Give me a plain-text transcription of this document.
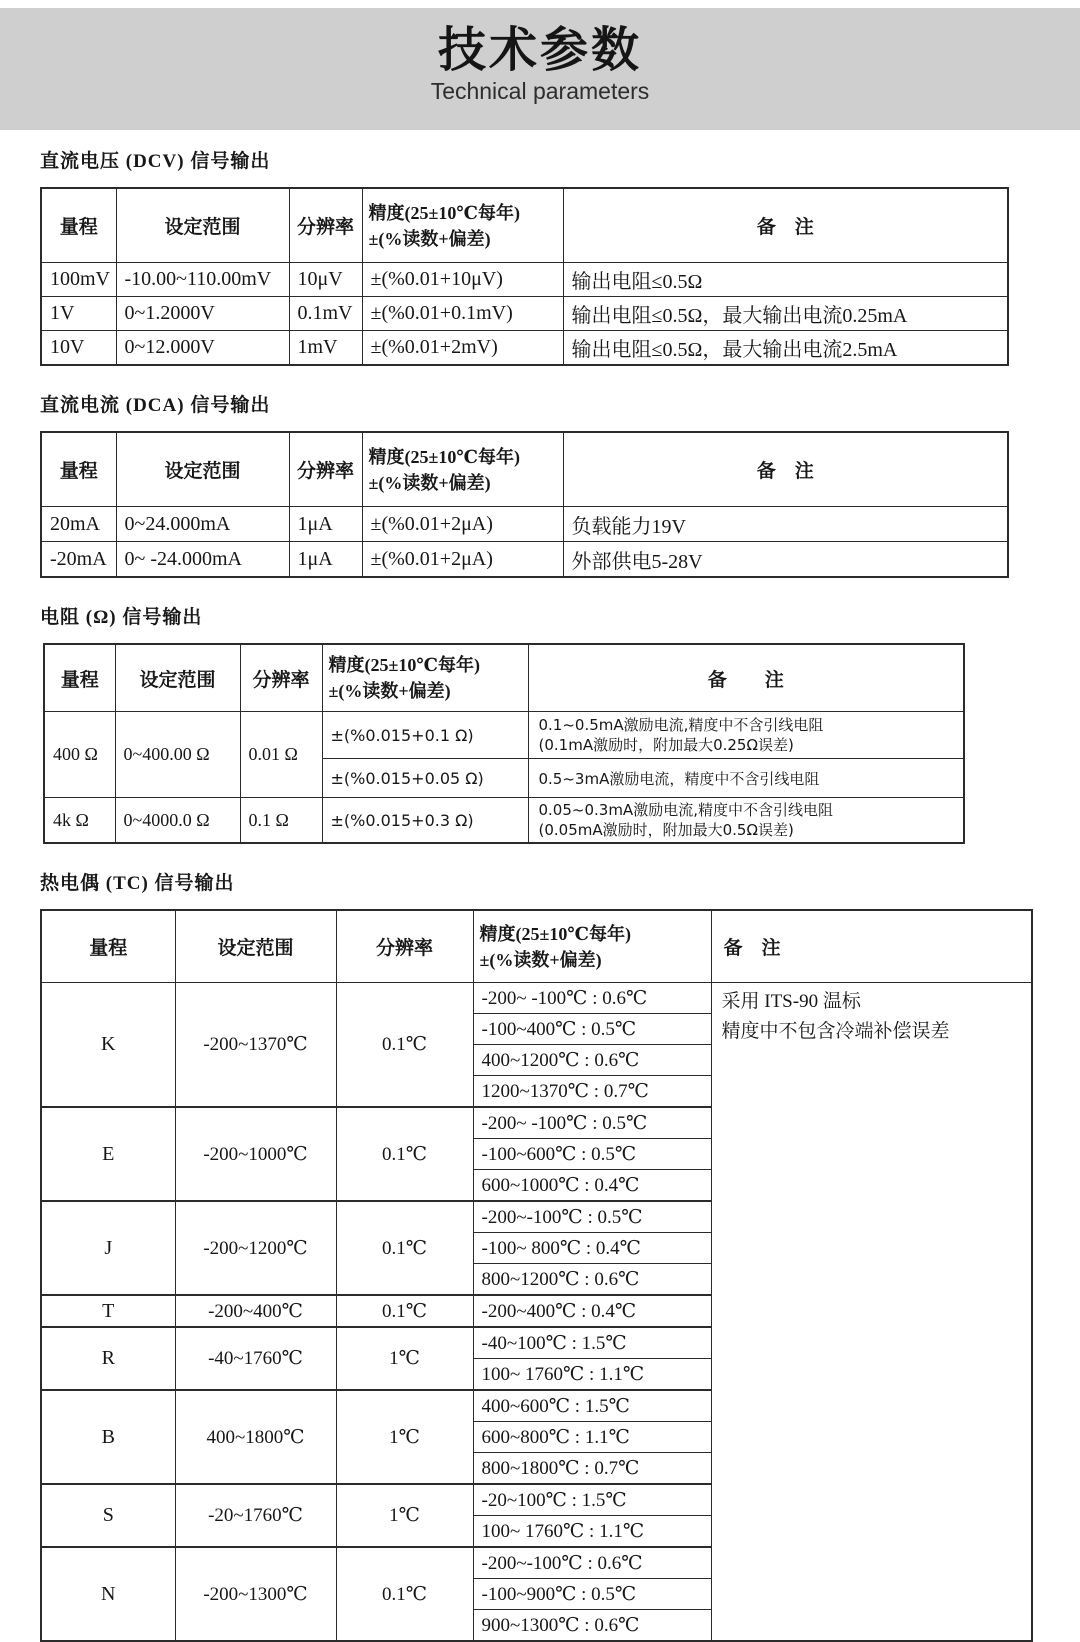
技术参数
Technical parameters
直流电压 (DCV) 信号输出
量程	设定范围	分辨率	精度(25±10℃每年)
±(%读数+偏差)	备　注
100mV	-10.00~110.00mV	10μV	±(%0.01+10μV)	输出电阻≤0.5Ω
1V	0~1.2000V	0.1mV	±(%0.01+0.1mV)	输出电阻≤0.5Ω，最大输出电流0.25mA
10V	0~12.000V	1mV	±(%0.01+2mV)	输出电阻≤0.5Ω，最大输出电流2.5mA
直流电流 (DCA) 信号输出
量程	设定范围	分辨率	精度(25±10℃每年)
±(%读数+偏差)	备　注
20mA	0~24.000mA	1μA	±(%0.01+2μA)	负载能力19V
-20mA	0~ -24.000mA	1μA	±(%0.01+2μA)	外部供电5-28V
电阻 (Ω) 信号输出
量程	设定范围	分辨率	精度(25±10℃每年)
±(%读数+偏差)	备　　注
400 Ω	0~400.00 Ω	0.01 Ω	±(%0.015+0.1 Ω)	0.1~0.5mA激励电流,精度中不含引线电阻
(0.1mA激励时，附加最大0.25Ω误差)

			±(%0.015+0.05 Ω)	0.5~3mA激励电流，精度中不含引线电阻
4k Ω	0~4000.0 Ω	0.1 Ω	±(%0.015+0.3 Ω)	0.05~0.3mA激励电流,精度中不含引线电阻
(0.05mA激励时，附加最大0.5Ω误差)
热电偶 (TC) 信号输出
量程	设定范围	分辨率	精度(25±10℃每年)
±(%读数+偏差)	备　注
K	-200~1370℃	0.1℃	-200~ -100℃ : 0.6℃	采用 ITS-90 温标
精度中不包含冷端补偿误差

			-100~400℃ : 0.5℃	
			400~1200℃ : 0.6℃	
			1200~1370℃ : 0.7℃	
E	-200~1000℃	0.1℃	-200~ -100℃ : 0.5℃	
			-100~600℃ : 0.5℃	
			600~1000℃ : 0.4℃	
J	-200~1200℃	0.1℃	-200~-100℃ : 0.5℃	
			-100~ 800℃ : 0.4℃	
			800~1200℃ : 0.6℃	
T	-200~400℃	0.1℃	-200~400℃ : 0.4℃	
R	-40~1760℃	1℃	-40~100℃ : 1.5℃	
			100~ 1760℃ : 1.1℃	
B	400~1800℃	1℃	400~600℃ : 1.5℃	
			600~800℃ : 1.1℃	
			800~1800℃ : 0.7℃	
S	-20~1760℃	1℃	-20~100℃ : 1.5℃	
			100~ 1760℃ : 1.1℃	
N	-200~1300℃	0.1℃	-200~-100℃ : 0.6℃	
			-100~900℃ : 0.5℃	
			900~1300℃ : 0.6℃	
